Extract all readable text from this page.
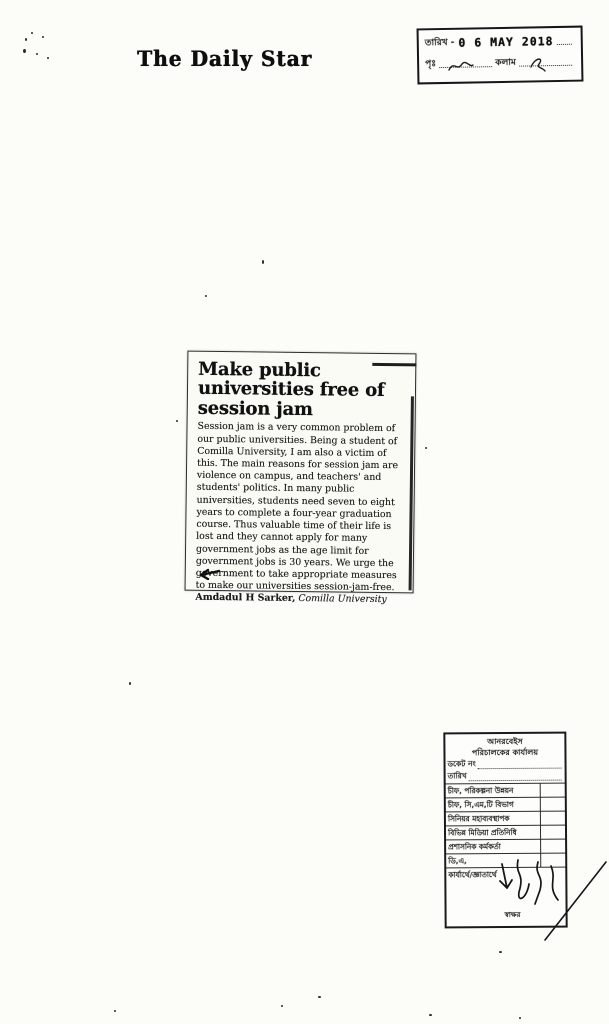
The Daily Star
তারিখ - 0 6 MAY 2018
পৃঃ	কলাম
Make public universities free of session jam

Session jam is a very common problem of our public universities. Being a student of Comilla University, I am also a victim of this. The main reasons for session jam are violence on campus, and teachers' and students' politics. In many public universities, students need seven to eight years to complete a four-year graduation course. Thus valuable time of their life is lost and they cannot apply for many government jobs as the age limit for government jobs is 30 years. We urge the government to take appropriate measures to make our universities session-jam-free.

Amdadul H Sarker, Comilla University

আনরবেইস
পরিচালকের কার্যালয়
ডকেট নং
তারিখ
চীফ, পরিকল্পনা উন্নয়ন
চীফ, সি,এম,টি বিভাগ
সিনিয়র মহাব্যবস্থাপক
বিভিন্ন মিডিয়া প্রতিনিধি
প্রশাসনিক কর্মকর্তা
ডি,এ,
কার্যার্থে/জ্ঞাতার্থে
স্বাক্ষর
